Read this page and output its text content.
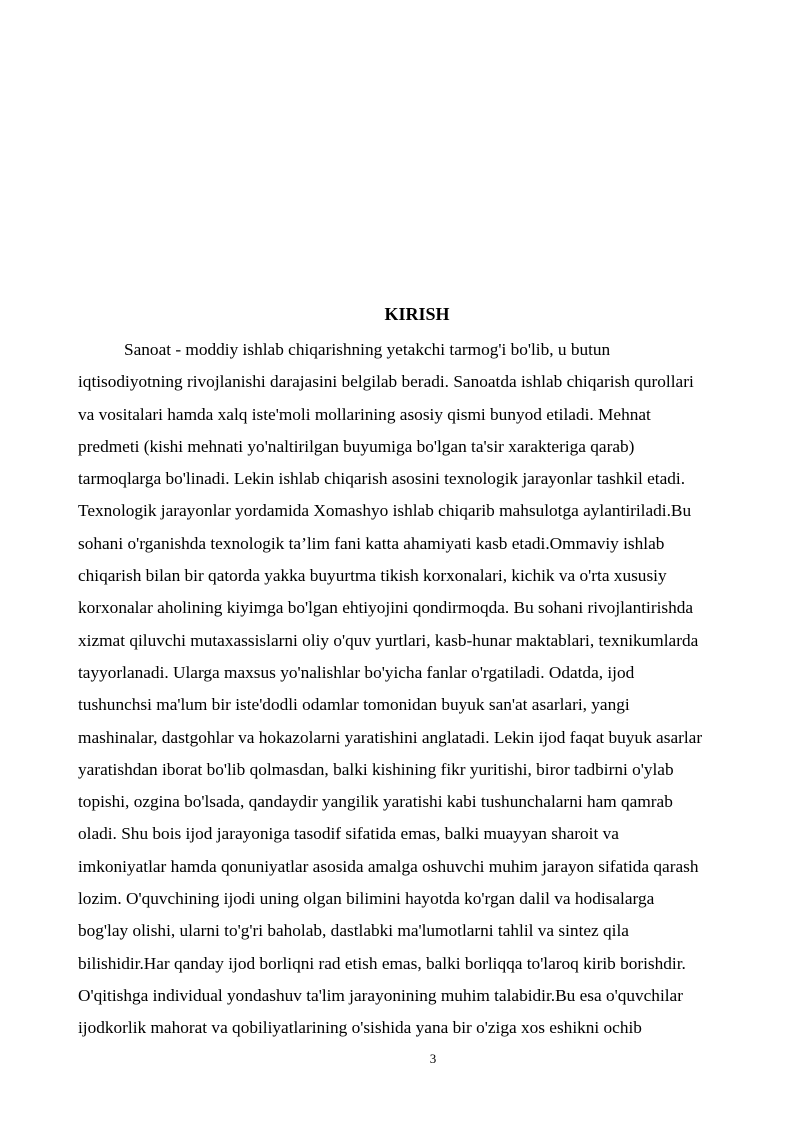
KIRISH
Sanoat - moddiy ishlab chiqarishning yetakchi tarmog'i bo'lib, u butun
iqtisodiyotning rivojlanishi darajasini belgilab beradi. Sanoatda ishlab chiqarish qurollari
va vositalari hamda xalq iste'moli mollarining asosiy qismi bunyod etiladi. Mehnat
predmeti (kishi mehnati yo'naltirilgan buyumiga bo'lgan ta'sir xarakteriga qarab)
tarmoqlarga bo'linadi. Lekin ishlab chiqarish asosini texnologik jarayonlar tashkil etadi.
Texnologik jarayonlar yordamida Xomashyo ishlab chiqarib mahsulotga aylantiriladi.Bu
sohani o'rganishda texnologik ta’lim fani katta ahamiyati kasb etadi.Ommaviy ishlab
chiqarish bilan bir qatorda yakka buyurtma tikish korxonalari, kichik va o'rta xususiy
korxonalar aholining kiyimga bo'lgan ehtiyojini qondirmoqda. Bu sohani rivojlantirishda
xizmat qiluvchi mutaxassislarni oliy o'quv yurtlari, kasb-hunar maktablari, texnikumlarda
tayyorlanadi. Ularga maxsus yo'nalishlar bo'yicha fanlar o'rgatiladi. Odatda, ijod
tushunchsi ma'lum bir iste'dodli odamlar tomonidan buyuk san'at asarlari, yangi
mashinalar, dastgohlar va hokazolarni yaratishini anglatadi. Lekin ijod faqat buyuk asarlar
yaratishdan iborat bo'lib qolmasdan, balki kishining fikr yuritishi, biror tadbirni o'ylab
topishi, ozgina bo'lsada, qandaydir yangilik yaratishi kabi tushunchalarni ham qamrab
oladi. Shu bois ijod jarayoniga tasodif sifatida emas, balki muayyan sharoit va
imkoniyatlar hamda qonuniyatlar asosida amalga oshuvchi muhim jarayon sifatida qarash
lozim. O'quvchining ijodi uning olgan bilimini hayotda ko'rgan dalil va hodisalarga
bog'lay olishi, ularni to'g'ri baholab, dastlabki ma'lumotlarni tahlil va sintez qila
bilishidir.Har qanday ijod borliqni rad etish emas, balki borliqqa to'laroq kirib borishdir.
O'qitishga individual yondashuv ta'lim jarayonining muhim talabidir.Bu esa o'quvchilar
ijodkorlik mahorat va qobiliyatlarining o'sishida yana bir o'ziga xos eshikni ochib
3
